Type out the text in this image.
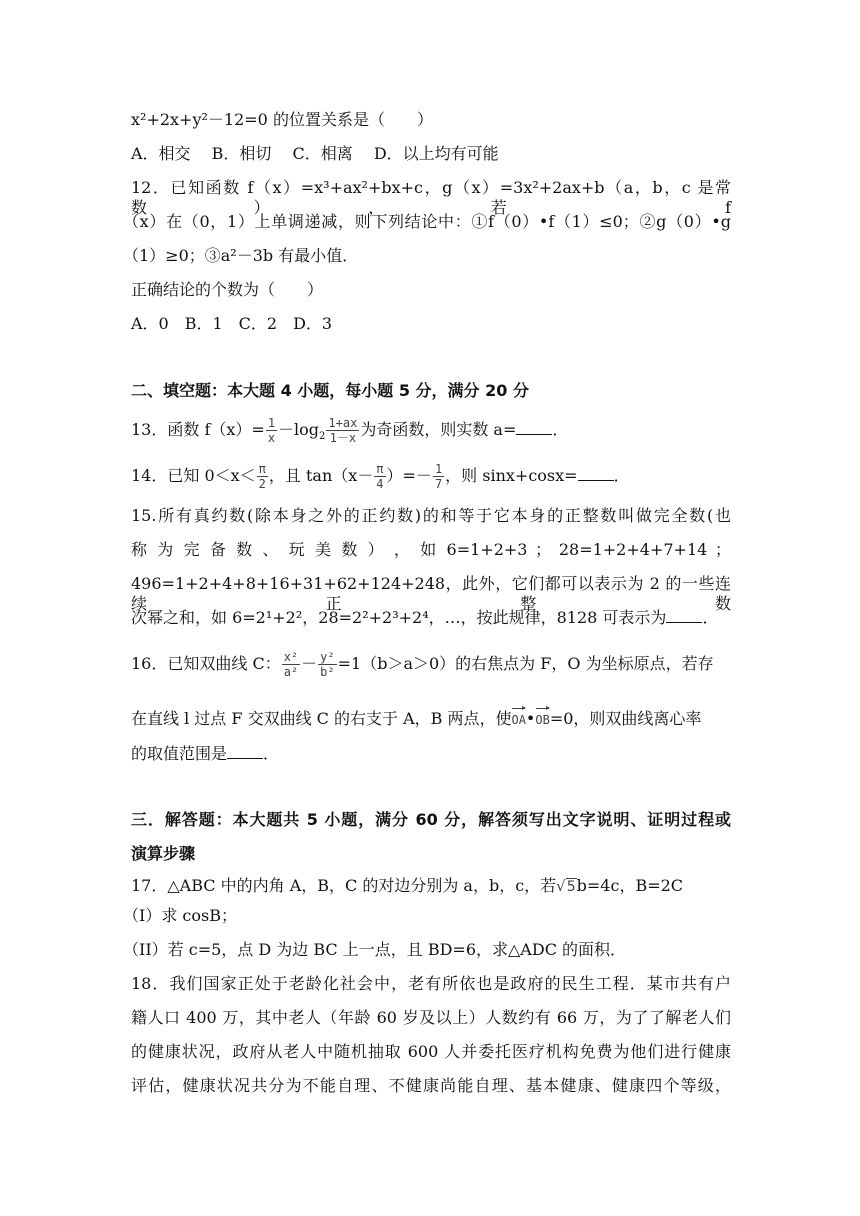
x²+2x+y²－12=0 的位置关系是（　　）
A．相交　 B．相切　 C．相离　 D．以上均有可能
12．已知函数 f（x）=x³+ax²+bx+c，g（x）=3x²+2ax+b（a，b，c 是常数），若 f
（x）在（0，1）上单调递减，则下列结论中：①f（0）•f（1）≤0；②g（0）•g
（1）≥0；③a²－3b 有最小值．
正确结论的个数为（　　）
A．0　B．1　C．2　D．3
二、填空题：本大题 4 小题，每小题 5 分，满分 20 分
13．函数 $f(x)= \frac{1}{x} -\log_2 \frac{1+ax}{1-x}$ 为奇函数，则实数 a= ．
14．已知 $0<x< \frac{\pi}{2}$ ，且 $\tan(x- \frac{\pi}{4}$ ）=－ $\frac{1}{7}$ ，则 sinx+cosx= ．
15.所有真约数(除本身之外的正约数)的和等于它本身的正整数叫做完全数(也
称 为 完 备 数 、 玩 美 数 ） ， 如 6=1+2+3 ； 28=1+2+4+7+14 ；
496=1+2+4+8+16+31+62+124+248，此外，它们都可以表示为 2 的一些连续正整数
次幂之和，如 6=2¹+2²，28=2²+2³+2⁴，…，按此规律，8128 可表示为 ．
16．已知双曲线 C： $\frac{\text{x²}}{\text{a²}} - \frac{\text{y²}}{\text{b²}} =1(b>a>0)$的右焦点为 F，O 为坐标原点，若存
在直线 l 过点 F 交双曲线 C 的右支于 A，B 两点，使OA•OB=0，则双曲线离心率
的取值范围是 ．
三．解答题：本大题共 5 小题，满分 60 分，解答须写出文字说明、证明过程或
演算步骤
17．△ABC 中的内角 A，B，C 的对边分别为 a，b，c，若√5b=4c，B=2C
（I）求 cosB；
（II）若 c=5，点 D 为边 BC 上一点，且 BD=6，求△ADC 的面积．
18．我们国家正处于老龄化社会中，老有所依也是政府的民生工程．某市共有户
籍人口 400 万，其中老人（年龄 60 岁及以上）人数约有 66 万，为了了解老人们
的健康状况，政府从老人中随机抽取 600 人并委托医疗机构免费为他们进行健康
评估，健康状况共分为不能自理、不健康尚能自理、基本健康、健康四个等级，
